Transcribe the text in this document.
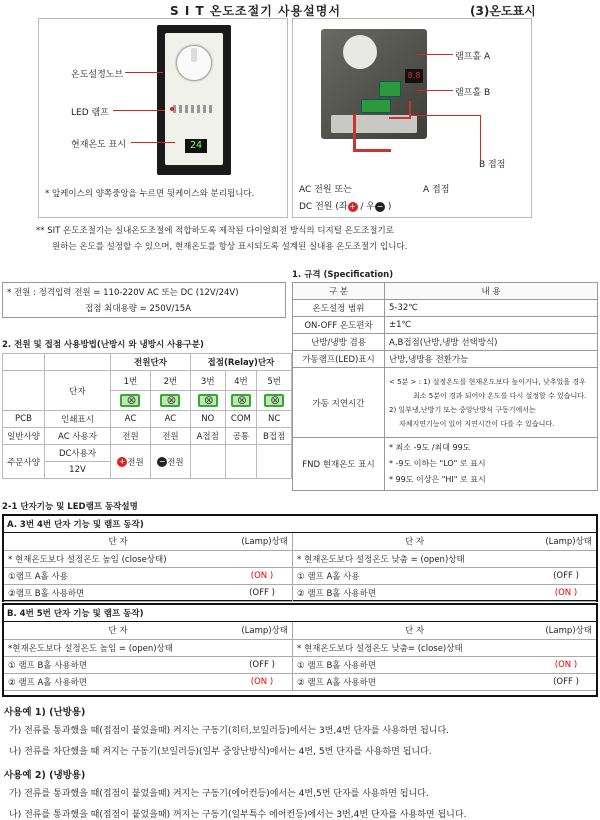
S I T 온도조절기 사용설명서	(3)온도표시
24
온도설정노브
LED 램프
현재온도 표시
* 앞케이스의 양쪽중앙을 누르면 뒷케이스와 분리됩니다.
8.8
램프홀 A
램프홀 B
B 접점
A 접점
AC 전원 또는
DC 전원 (좌 + / 우 − )
** SIT 온도조절기는 실내온도조절에 적합하도록 제작된 다이얼회전 방식의 디지털 온도조절기로
원하는 온도를 설정할 수 있으며, 현재온도를 항상 표시되도록 설계된 실내용 온도조절기 입니다.
* 전원 : 정격입력 전원 = 110-220V AC 또는 DC (12V/24V)
접점 최대용량 = 250V/15A
1. 규격 (Specification)
구 분	내 용
온도설정 범위	5-32℃
ON-OFF 온도편차	±1℃
난방/냉방 겸용	A,B접점(난방,냉방 선택방식)
가동램프(LED)표시	난방,냉방용 전환가능
가동 지연시간	< 5분 > : 1) 설정온도를 현재온도보다 높이거나, 낮추었을 경우
최소 5분이 경과 되어야 온도를 다시 설정할 수 있습니다.
2) 일부냉,난방기 또는 중앙난방식 구동기에서는
자체지연기능이 있어 지연시간이 다를 수 있습니다.

FND 현재온도 표시	* 최소 -9도 /최대 99도
* -9도 이하는 "LO" 로 표시
* 99도 이상은 "HI" 로 표시
2. 전원 및 접점 사용방법(난방시 와 냉방시 사용구분)
		전원단자		접점(Relay)단자		
	단자	1번	2번	3번	4번	5번
⊗	⊗	⊗	⊗	⊗
PCB	인쇄표시	AC	AC	NO	COM	NC
일반사양	AC 사용자	전원	전원	A접점	공통	B접점
주문사양	DC사용자	+ 전원	− 전원			
	12V					
2-1 단자기능 및 LED램프 동작설명
A. 3번 4번 단자 기능 및 램프 동작)
단 자	(Lamp)상태
* 현재온도보다 설정온도 높임 (close상태)	
①램프 A홀 사용	(ON )
②램프 B홀 사용하면	(OFF )
단 자	(Lamp)상태
* 현재온도보다 설정온도 낮춤 = (open)상태	
① 램프 A홀 사용	(OFF )
② 램프 B홀 사용하면	(ON )
B. 4번 5번 단자 기능 및 램프 동작)
단 자	(Lamp)상태
*현재온도보다 설정온도 높임 = (open)상태	
① 램프 B홀 사용하면	(OFF )
② 램프 A홀 사용하면	(ON )
단 자	(Lamp)상태
* 현재온도보다 설정온도 낮춤= (close)상태	
① 램프 B홀 사용하면	(ON )
② 램프 A홀 사용하면	(OFF )
사용예 1) (난방용)
가) 전류를 통과했을 때(접점이 붙었을때) 켜지는 구동기(히터,보일러등)에서는 3번,4번 단자를 사용하면 됩니다.
나) 전류를 차단했을 때 켜지는 구동기(보일러등)(일부 중앙난방식)에서는 4번, 5번 단자를 사용하면 됩니다.
사용예 2) (냉방용)
가) 전류를 통과했을 때(접점이 붙었을때) 켜지는 구동기(에어컨등)에서는 4번,5번 단자를 사용하면 됩니다.
나) 전류를 통과했을 때(접점이 붙었을때) 꺼지는 구동기(일부특수 에어컨등)에서는 3번,4번 단자를 사용하면 됩니다.
